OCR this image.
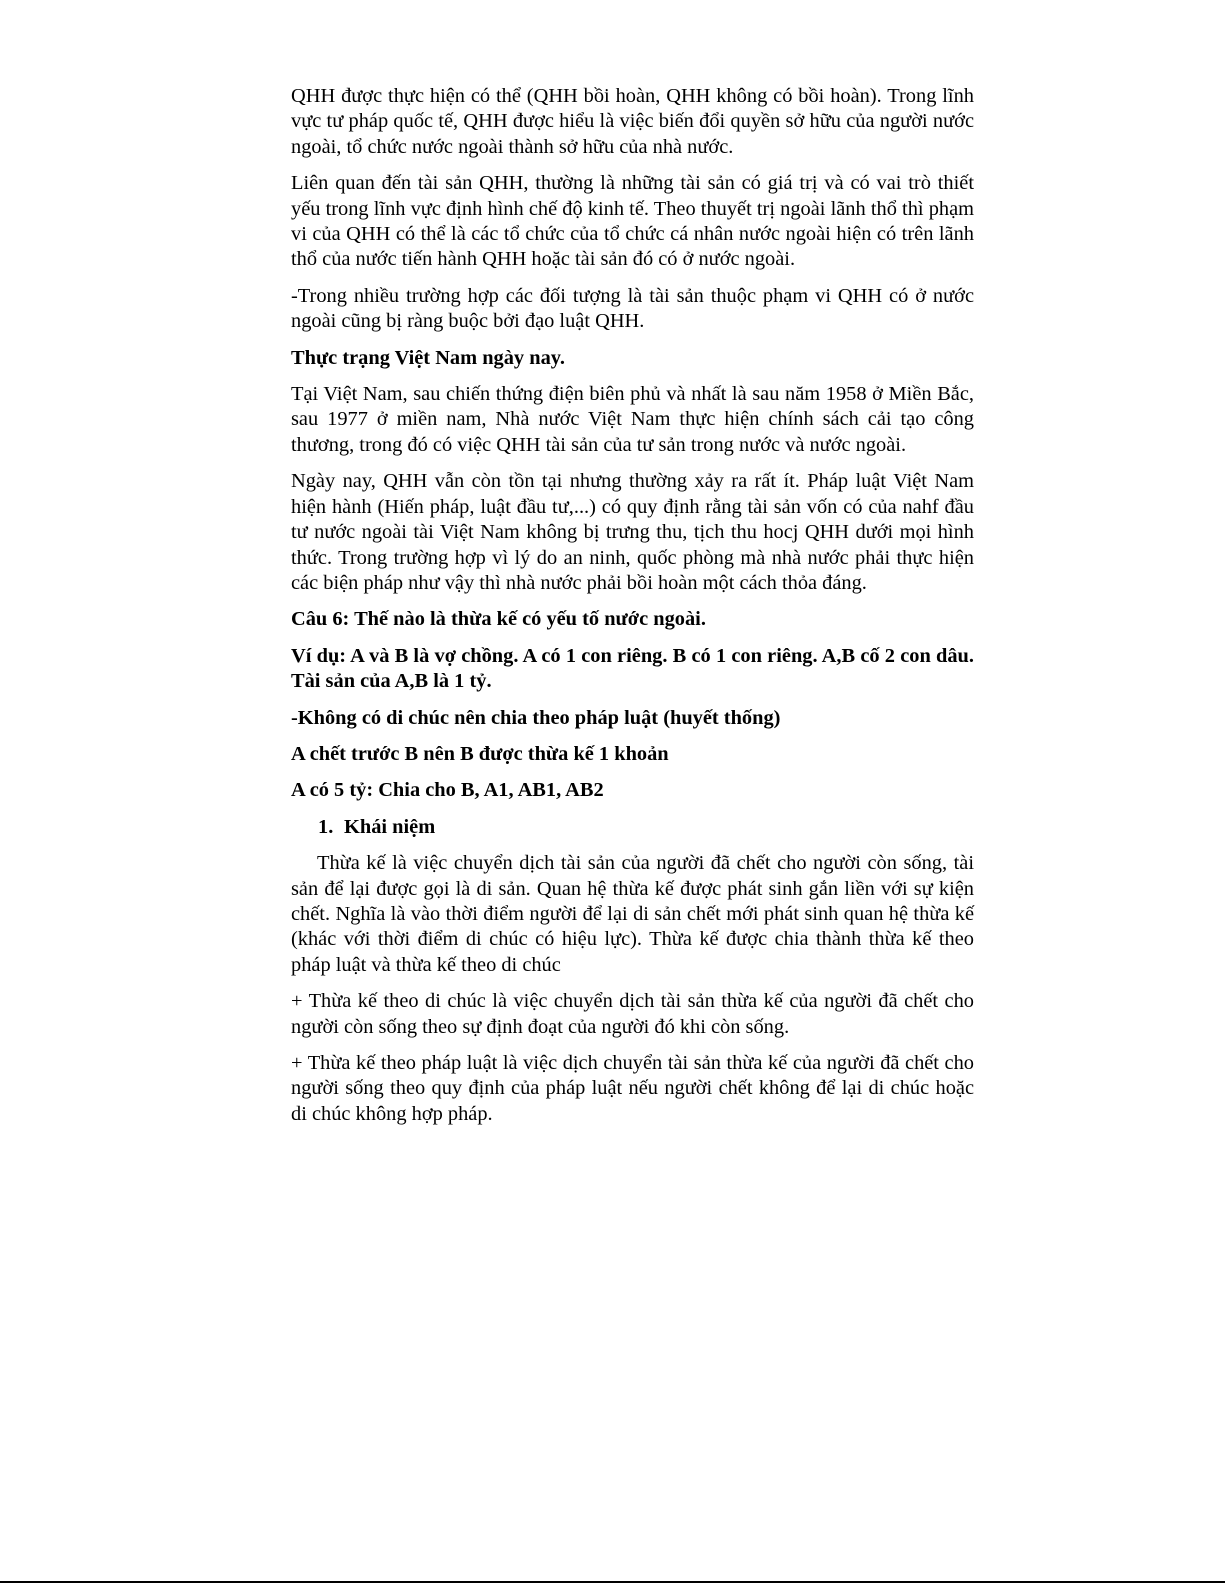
QHH được thực hiện có thể (QHH bồi hoàn, QHH không có bồi hoàn). Trong lĩnh vực tư pháp quốc tế, QHH được hiểu là việc biến đổi quyền sở hữu của người nước ngoài, tổ chức nước ngoài thành sở hữu của nhà nước.

Liên quan đến tài sản QHH, thường là những tài sản có giá trị và có vai trò thiết yếu trong lĩnh vực định hình chế độ kinh tế. Theo thuyết trị ngoài lãnh thổ thì phạm vi của QHH có thể là các tổ chức của tổ chức cá nhân nước ngoài hiện có trên lãnh thổ của nước tiến hành QHH hoặc tài sản đó có ở nước ngoài.

-Trong nhiều trường hợp các đối tượng là tài sản thuộc phạm vi QHH có ở nước ngoài cũng bị ràng buộc bởi đạo luật QHH.

Thực trạng Việt Nam ngày nay.

Tại Việt Nam, sau chiến thứng điện biên phủ và nhất là sau năm 1958 ở Miền Bắc, sau 1977 ở miền nam, Nhà nước Việt Nam thực hiện chính sách cải tạo công thương, trong đó có việc QHH tài sản của tư sản trong nước và nước ngoài.

Ngày nay, QHH vẫn còn tồn tại nhưng thường xảy ra rất ít. Pháp luật Việt Nam hiện hành (Hiến pháp, luật đầu tư,...) có quy định rằng tài sản vốn có của nahf đầu tư nước ngoài tài Việt Nam không bị trưng thu, tịch thu hocj QHH dưới mọi hình thức. Trong trường hợp vì lý do an ninh, quốc phòng mà nhà nước phải thực hiện các biện pháp như vậy thì nhà nước phải bồi hoàn một cách thỏa đáng.

Câu 6: Thế nào là thừa kế có yếu tố nước ngoài.

Ví dụ: A và B là vợ chồng. A có 1 con riêng. B có 1 con riêng. A,B cố 2 con dâu. Tài sản của A,B là 1 tỷ.

-Không có di chúc nên chia theo pháp luật (huyết thống)

A chết trước B nên B được thừa kế 1 khoản

A có 5 tỷ: Chia cho B, A1, AB1, AB2

1. Khái niệm

Thừa kế là việc chuyển dịch tài sản của người đã chết cho người còn sống, tài sản để lại được gọi là di sản. Quan hệ thừa kế được phát sinh gắn liền với sự kiện chết. Nghĩa là vào thời điểm người để lại di sản chết mới phát sinh quan hệ thừa kế (khác với thời điểm di chúc có hiệu lực). Thừa kế được chia thành thừa kế theo pháp luật và thừa kế theo di chúc

+ Thừa kế theo di chúc là việc chuyển dịch tài sản thừa kế của người đã chết cho người còn sống theo sự định đoạt của người đó khi còn sống.

+ Thừa kế theo pháp luật là việc dịch chuyển tài sản thừa kế của người đã chết cho người sống theo quy định của pháp luật nếu người chết không để lại di chúc hoặc di chúc không hợp pháp.
